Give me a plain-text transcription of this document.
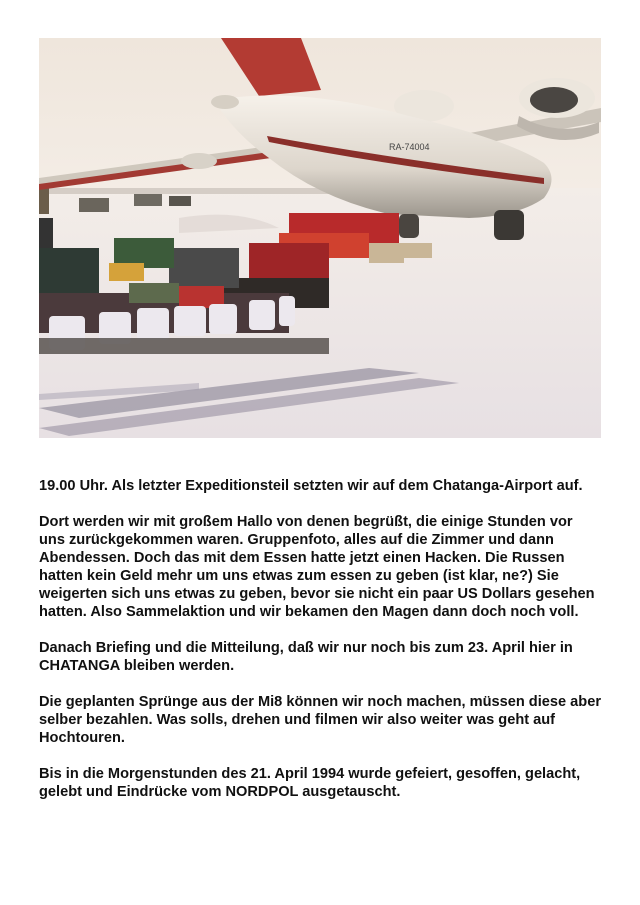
RA-74004

19.00 Uhr. Als letzter Expeditionsteil setzten wir auf dem Chatanga-Airport auf.

Dort werden wir mit großem Hallo von denen begrüßt, die einige Stunden vor uns zurückgekommen waren. Gruppenfoto, alles auf die Zimmer und dann Abendessen. Doch das mit dem Essen hatte jetzt einen Hacken. Die Russen hatten kein Geld mehr um uns etwas zum essen zu geben (ist klar, ne?) Sie weigerten sich uns etwas zu geben, bevor sie nicht ein paar US Dollars gesehen hatten. Also Sammelaktion und wir bekamen den Magen dann doch noch voll.

Danach Briefing und die Mitteilung, daß wir nur noch bis zum 23. April hier in CHATANGA bleiben werden.

Die geplanten Sprünge aus der Mi8 können wir noch machen, müssen diese aber selber bezahlen. Was solls, drehen und filmen wir also weiter was geht auf Hochtouren.

Bis in die Morgenstunden des 21. April 1994 wurde gefeiert, gesoffen, gelacht, gelebt und Eindrücke vom NORDPOL ausgetauscht.
